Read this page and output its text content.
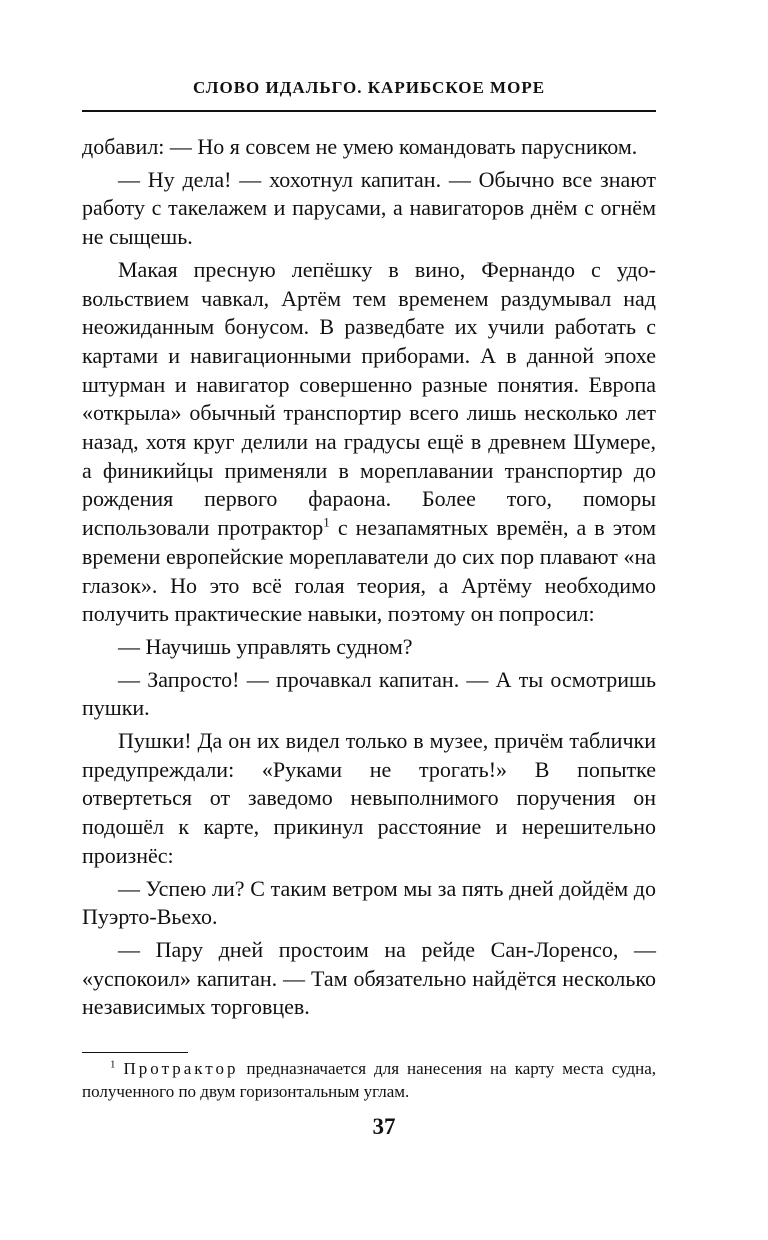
СЛОВО ИДАЛЬГО. КАРИБСКОЕ МОРЕ

добавил: — Но я совсем не умею командовать парусником.

— Ну дела! — хохотнул капитан. — Обычно все знают работу с такелажем и парусами, а навигаторов днём с огнём не сыщешь.

Макая пресную лепёшку в вино, Фернандо с удовольствием чавкал, Артём тем временем раздумывал над неожиданным бонусом. В разведбате их учили работать с картами и навигационными приборами. А в данной эпохе штурман и навигатор совершенно разные понятия. Европа «открыла» обычный транспортир всего лишь несколько лет назад, хотя круг делили на градусы ещё в древнем Шумере, а финикийцы применяли в мореплавании транспортир до рождения первого фараона. Более того, поморы использовали протрактор$^1$ с незапамятных времён, а в этом времени европейские мореплаватели до сих пор плавают «на глазок». Но это всё голая теория, а Артёму необходимо получить практические навыки, поэтому он попросил:

— Научишь управлять судном?

— Запросто! — прочавкал капитан. — А ты осмотришь пушки.

Пушки! Да он их видел только в музее, причём таблички предупреждали: «Руками не трогать!» В попытке отвертеться от заведомо невыполнимого поручения он подошёл к карте, прикинул расстояние и нерешительно произнёс:

— Успею ли? С таким ветром мы за пять дней дойдём до Пуэрто-Вьехо.

— Пару дней простоим на рейде Сан-Лоренсо, — «успокоил» капитан. — Там обязательно найдётся несколько независимых торговцев.

$^1$ Протрактор предназначается для нанесения на карту места судна, полученного по двум горизонтальным углам.
37
